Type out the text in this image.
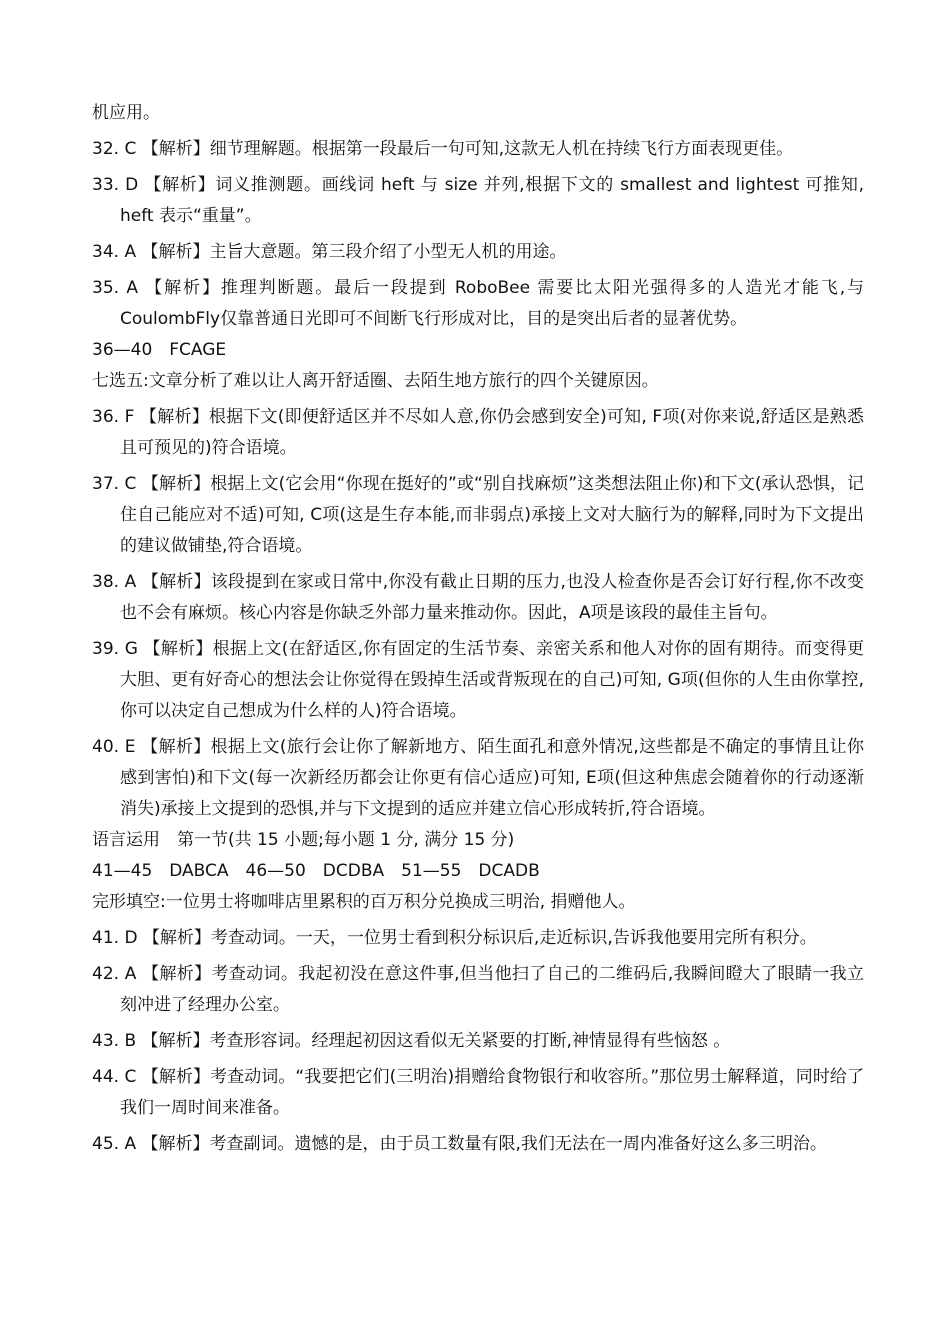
机应用。

32. C 【解析】细节理解题。根据第一段最后一句可知,这款无人机在持续飞行方面表现更佳。

33. D 【解析】词义推测题。画线词 heft 与 size 并列,根据下文的 smallest and lightest 可推知, heft 表示“重量”。

34. A 【解析】主旨大意题。第三段介绍了小型无人机的用途。

35. A 【解析】推理判断题。最后一段提到 RoboBee 需要比太阳光强得多的人造光才能飞,与CoulombFly仅靠普通日光即可不间断飞行形成对比，目的是突出后者的显著优势。

36—40　FCAGE

七选五:文章分析了难以让人离开舒适圈、去陌生地方旅行的四个关键原因。

36. F 【解析】根据下文(即便舒适区并不尽如人意,你仍会感到安全)可知, F项(对你来说,舒适区是熟悉且可预见的)符合语境。

37. C 【解析】根据上文(它会用“你现在挺好的”或“别自找麻烦”这类想法阻止你)和下文(承认恐惧，记住自己能应对不适)可知, C项(这是生存本能,而非弱点)承接上文对大脑行为的解释,同时为下文提出的建议做铺垫,符合语境。

38. A 【解析】该段提到在家或日常中,你没有截止日期的压力,也没人检查你是否会订好行程,你不改变也不会有麻烦。核心内容是你缺乏外部力量来推动你。因此，A项是该段的最佳主旨句。

39. G 【解析】根据上文(在舒适区,你有固定的生活节奏、亲密关系和他人对你的固有期待。而变得更大胆、更有好奇心的想法会让你觉得在毁掉生活或背叛现在的自己)可知, G项(但你的人生由你掌控,你可以决定自己想成为什么样的人)符合语境。

40. E 【解析】根据上文(旅行会让你了解新地方、陌生面孔和意外情况,这些都是不确定的事情且让你感到害怕)和下文(每一次新经历都会让你更有信心适应)可知, E项(但这种焦虑会随着你的行动逐渐消失)承接上文提到的恐惧,并与下文提到的适应并建立信心形成转折,符合语境。

语言运用　第一节(共 15 小题;每小题 1 分, 满分 15 分)

41—45　DABCA　46—50　DCDBA　51—55　DCADB

完形填空:一位男士将咖啡店里累积的百万积分兑换成三明治, 捐赠他人。

41. D 【解析】考查动词。一天，一位男士看到积分标识后,走近标识,告诉我他要用完所有积分。

42. A 【解析】考查动词。我起初没在意这件事,但当他扫了自己的二维码后,我瞬间瞪大了眼睛一我立刻冲进了经理办公室。

43. B 【解析】考查形容词。经理起初因这看似无关紧要的打断,神情显得有些恼怒 。

44. C 【解析】考查动词。“我要把它们(三明治)捐赠给食物银行和收容所。”那位男士解释道，同时给了我们一周时间来准备。

45. A 【解析】考查副词。遗憾的是，由于员工数量有限,我们无法在一周内准备好这么多三明治。
